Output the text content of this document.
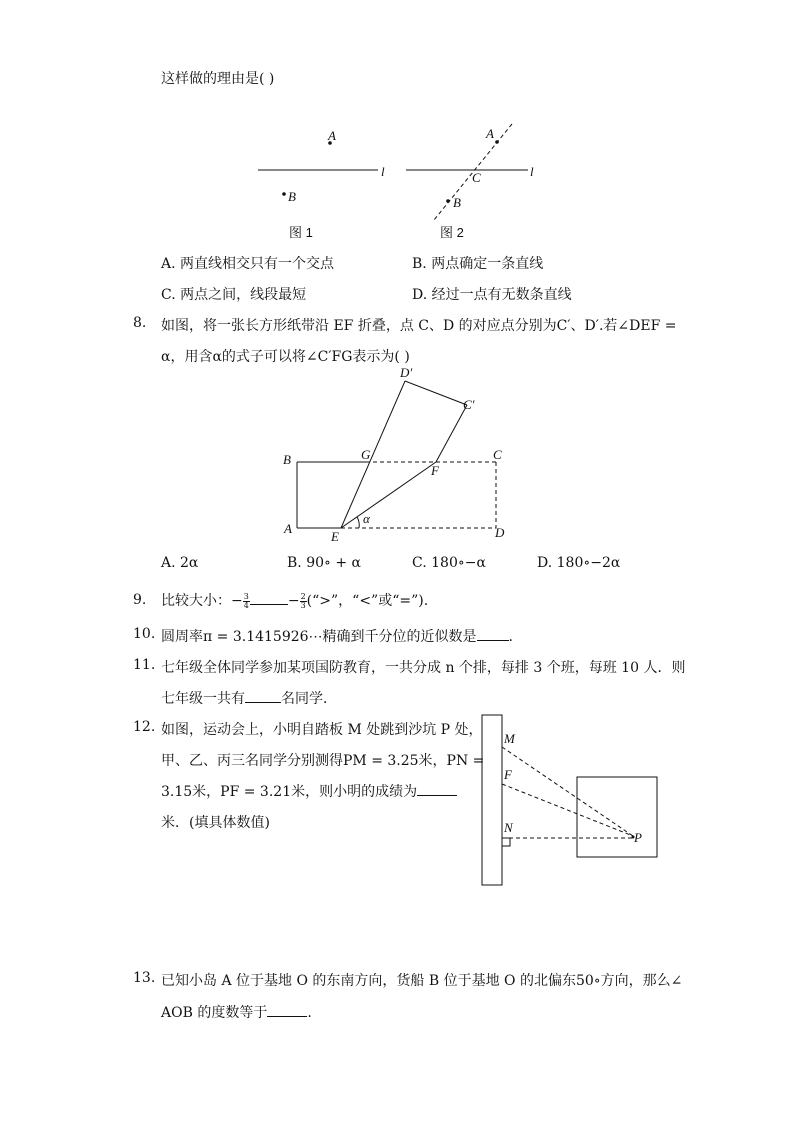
这样做的理由是( )
A
B
l
图 1
A
B
C	l
图 2
A. 两直线相交只有一个交点	B. 两点确定一条直线
C. 两点之间，线段最短	D. 经过一点有无数条直线
8. 如图，将一张长方形纸带沿 EF 折叠，点 C、D 的对应点分别为C′、D′.若∠DEF =
α，用含α的式子可以将∠C′FG表示为( )
D′
C′
B	G	C
F
A
E
α
D
A. 2α	B. 90∘ + α	C. 180∘−α	D. 180∘−2α
9. 比较大小：− $\frac{3}{4}$	− $\frac{2}{3}$ (“>”，“<”或“=”).
10. 圆周率π = 3.1415926⋯精确到千分位的近似数是 .
11. 七年级全体同学参加某项国防教育，一共分成 n 个排，每排 3 个班，每班 10 人．则
七年级一共有	名同学．
12. 如图，运动会上，小明自踏板 M 处跳到沙坑 P 处，
甲、乙、丙三名同学分别测得PM = 3.25米，PN =
3.15米，PF = 3.21米，则小明的成绩为
米．(填具体数值)
M
F
N
P
13. 已知小岛 A 位于基地 O 的东南方向，货船 B 位于基地 O 的北偏东50∘方向，那么∠
AOB 的度数等于	.
